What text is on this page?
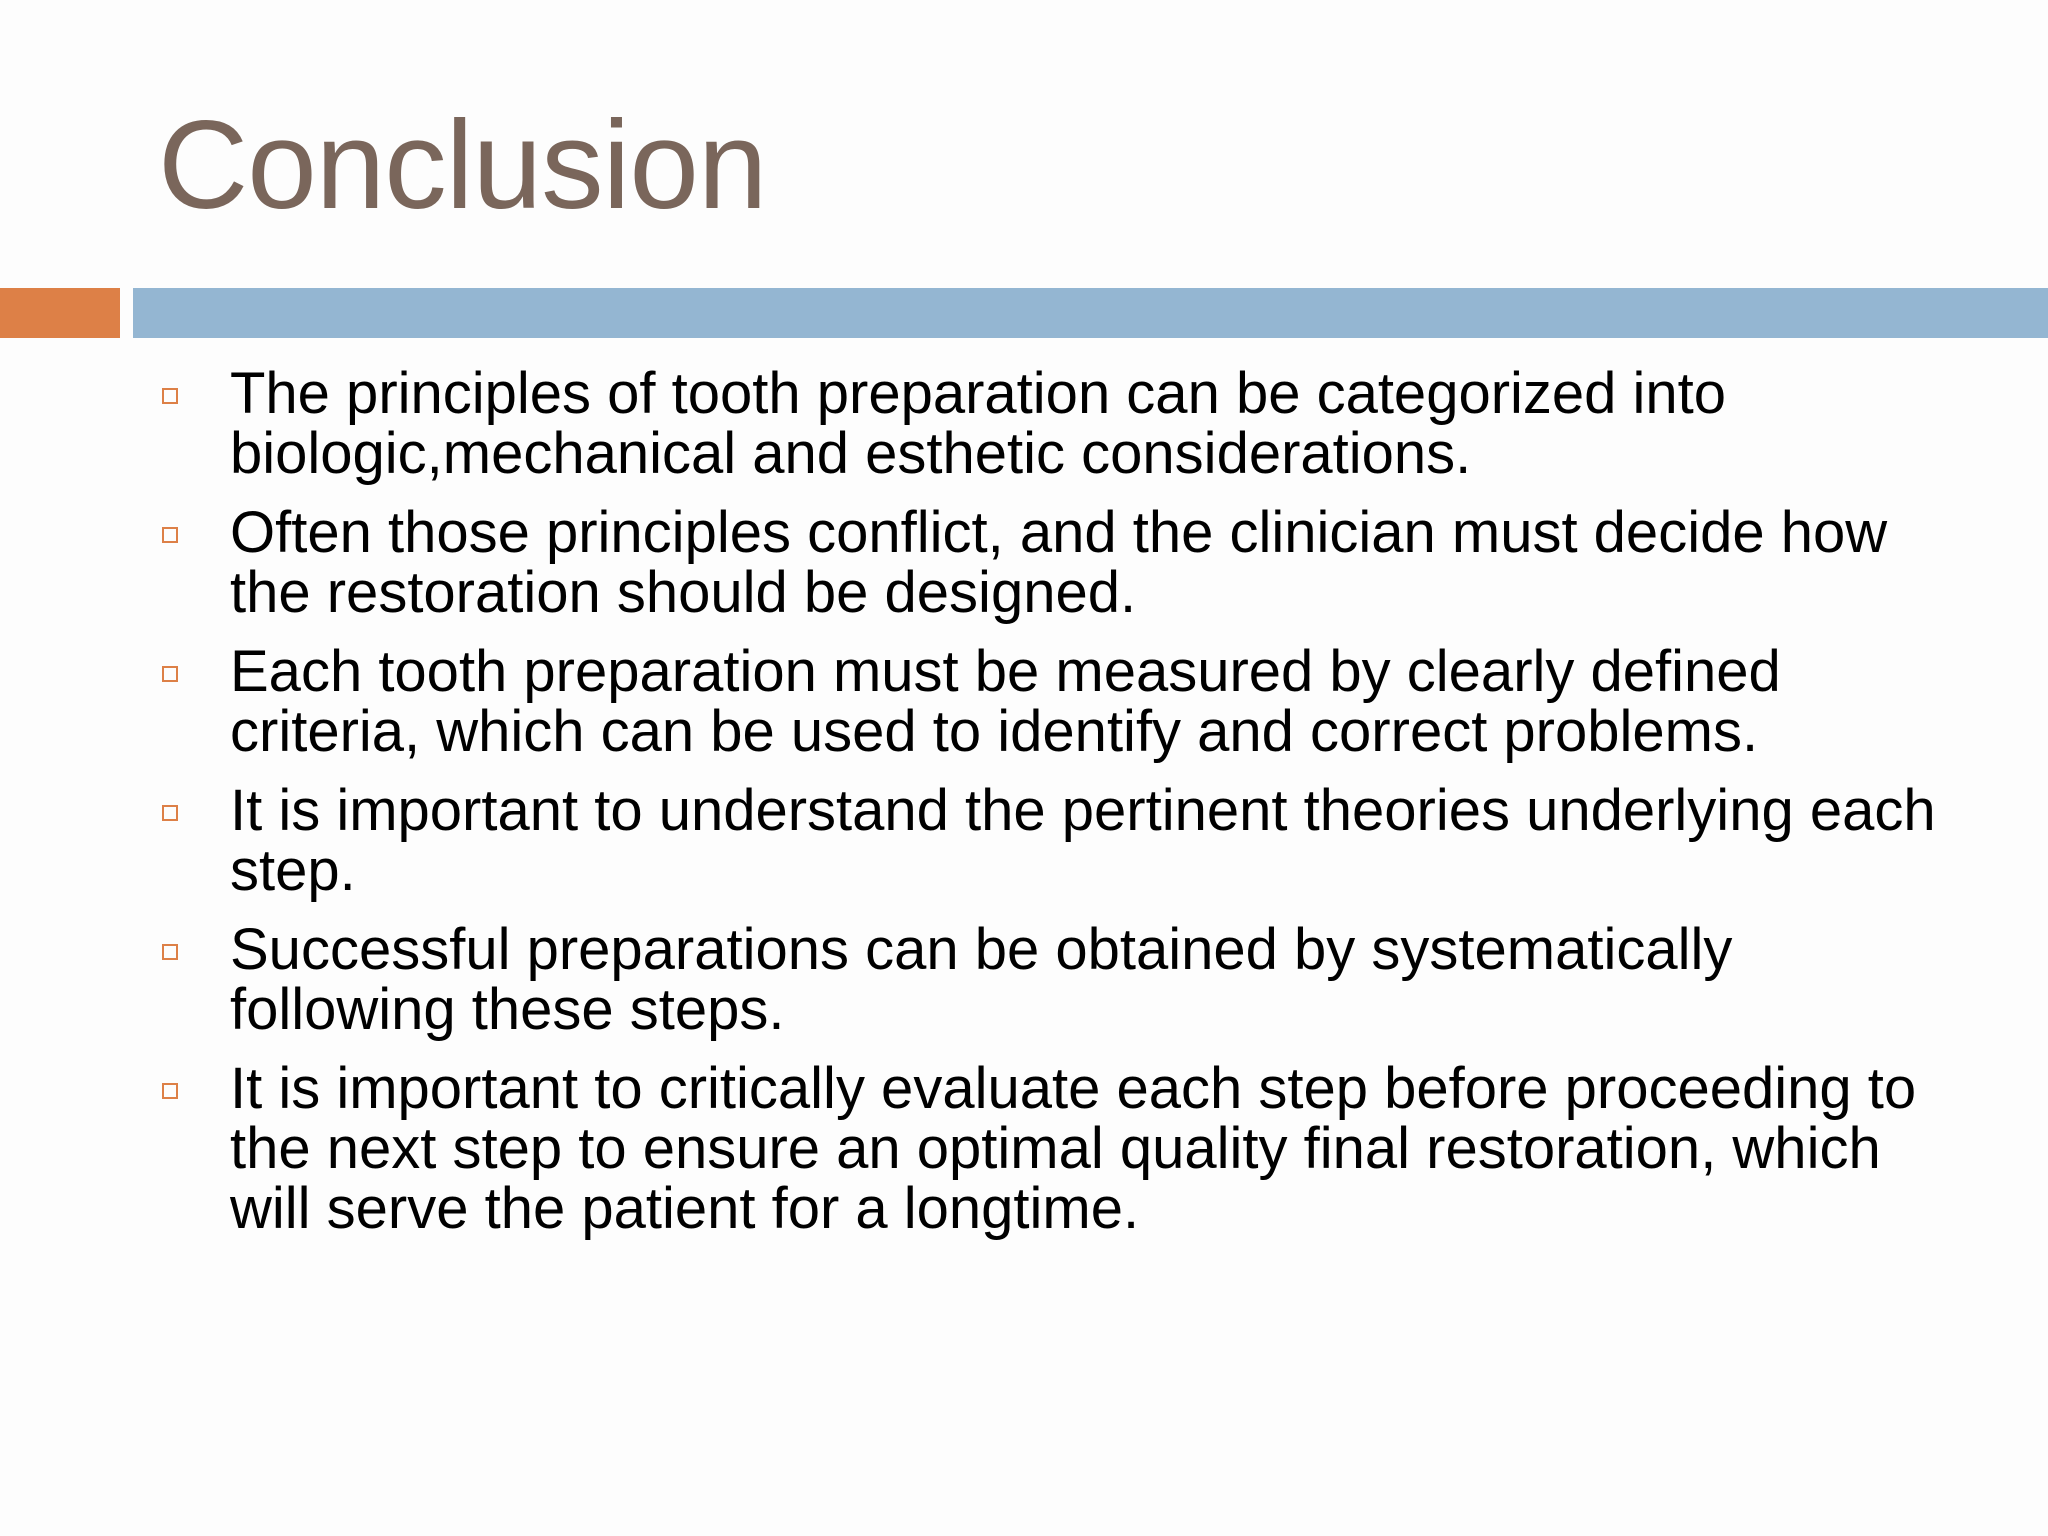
Conclusion
The principles of tooth preparation can be categorized into biologic,mechanical and esthetic considerations.
Often those principles conflict, and the clinician must decide how the restoration should be designed.
Each tooth preparation must be measured by clearly defined criteria, which can be used to identify and correct problems.
It is important to understand the pertinent theories underlying each step.
Successful preparations can be obtained by systematically following these steps.
It is important to critically evaluate each step before proceeding to the next step to ensure an optimal quality final restoration, which will serve the patient for a longtime.
